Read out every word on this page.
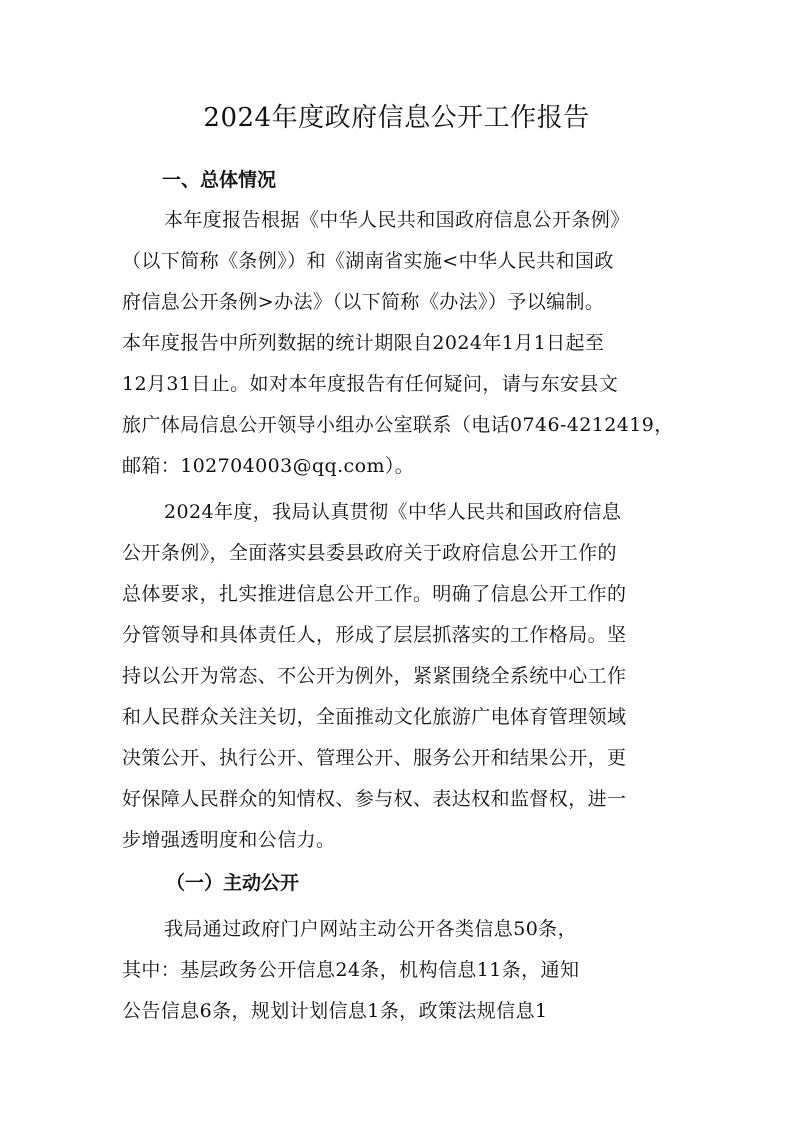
2024年度政府信息公开工作报告
一、总体情况
本年度报告根据《中华人民共和国政府信息公开条例》
（以下简称《条例》）和《湖南省实施<中华人民共和国政
府信息公开条例>办法》（以下简称《办法》）予以编制。
本年度报告中所列数据的统计期限自2024年1月1日起至
12月31日止。如对本年度报告有任何疑问，请与东安县文
旅广体局信息公开领导小组办公室联系（电话0746-4212419，
邮箱：102704003@qq.com）。
2024年度，我局认真贯彻《中华人民共和国政府信息
公开条例》，全面落实县委县政府关于政府信息公开工作的
总体要求，扎实推进信息公开工作。明确了信息公开工作的
分管领导和具体责任人，形成了层层抓落实的工作格局。坚
持以公开为常态、不公开为例外，紧紧围绕全系统中心工作
和人民群众关注关切，全面推动文化旅游广电体育管理领域
决策公开、执行公开、管理公开、服务公开和结果公开，更
好保障人民群众的知情权、参与权、表达权和监督权，进一
步增强透明度和公信力。
（一）主动公开
我局通过政府门户网站主动公开各类信息50条，
其中：基层政务公开信息24条，机构信息11条，通知
公告信息6条，规划计划信息1条，政策法规信息1
